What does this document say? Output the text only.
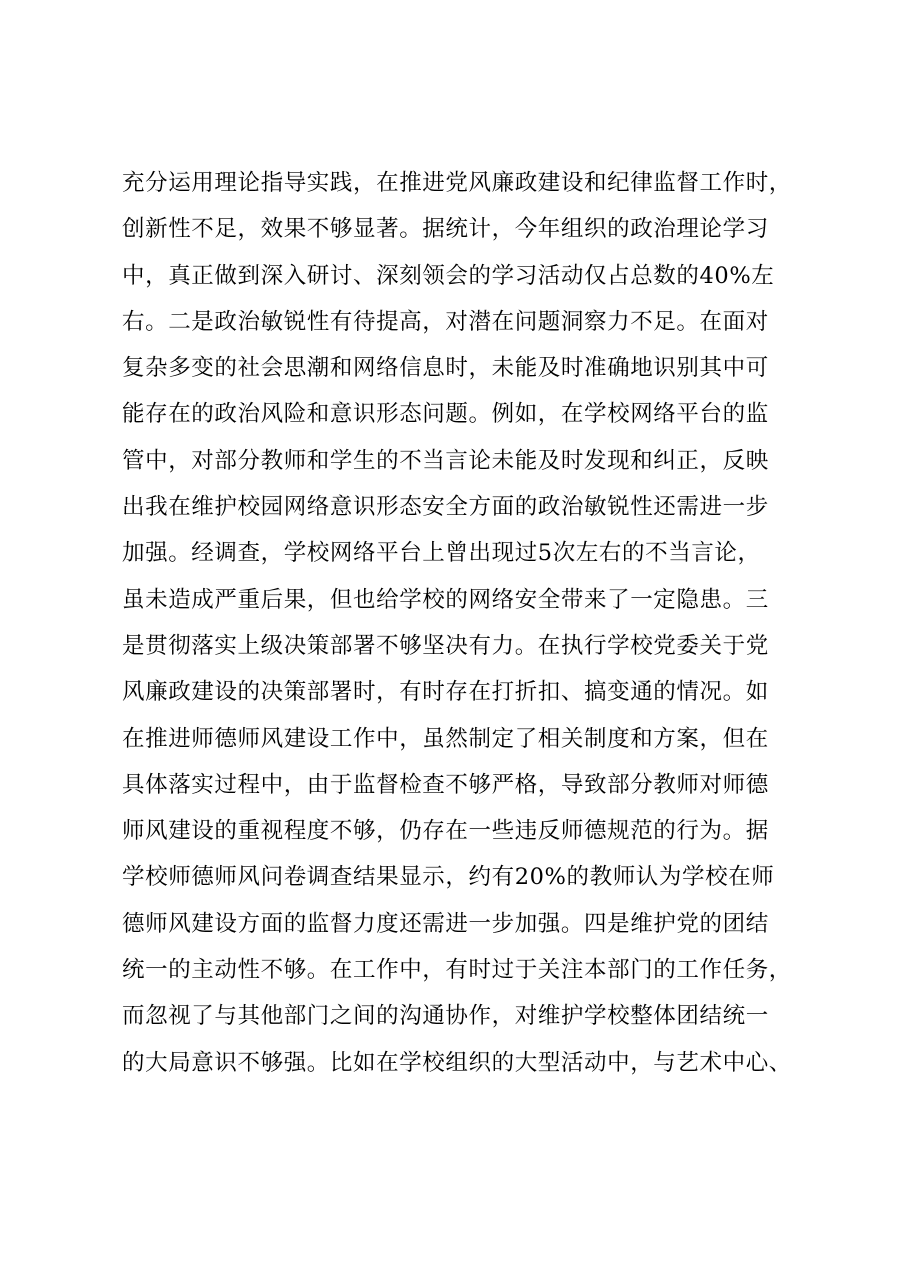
充分运用理论指导实践，在推进党风廉政建设和纪律监督工作时，
创新性不足，效果不够显著。据统计，今年组织的政治理论学习
中，真正做到深入研讨、深刻领会的学习活动仅占总数的40%左
右。二是政治敏锐性有待提高，对潜在问题洞察力不足。在面对
复杂多变的社会思潮和网络信息时，未能及时准确地识别其中可
能存在的政治风险和意识形态问题。例如，在学校网络平台的监
管中，对部分教师和学生的不当言论未能及时发现和纠正，反映
出我在维护校园网络意识形态安全方面的政治敏锐性还需进一步
加强。经调查，学校网络平台上曾出现过5次左右的不当言论，
虽未造成严重后果，但也给学校的网络安全带来了一定隐患。三
是贯彻落实上级决策部署不够坚决有力。在执行学校党委关于党
风廉政建设的决策部署时，有时存在打折扣、搞变通的情况。如
在推进师德师风建设工作中，虽然制定了相关制度和方案，但在
具体落实过程中，由于监督检查不够严格，导致部分教师对师德
师风建设的重视程度不够，仍存在一些违反师德规范的行为。据
学校师德师风问卷调查结果显示，约有20%的教师认为学校在师
德师风建设方面的监督力度还需进一步加强。四是维护党的团结
统一的主动性不够。在工作中，有时过于关注本部门的工作任务，
而忽视了与其他部门之间的沟通协作，对维护学校整体团结统一
的大局意识不够强。比如在学校组织的大型活动中，与艺术中心、
